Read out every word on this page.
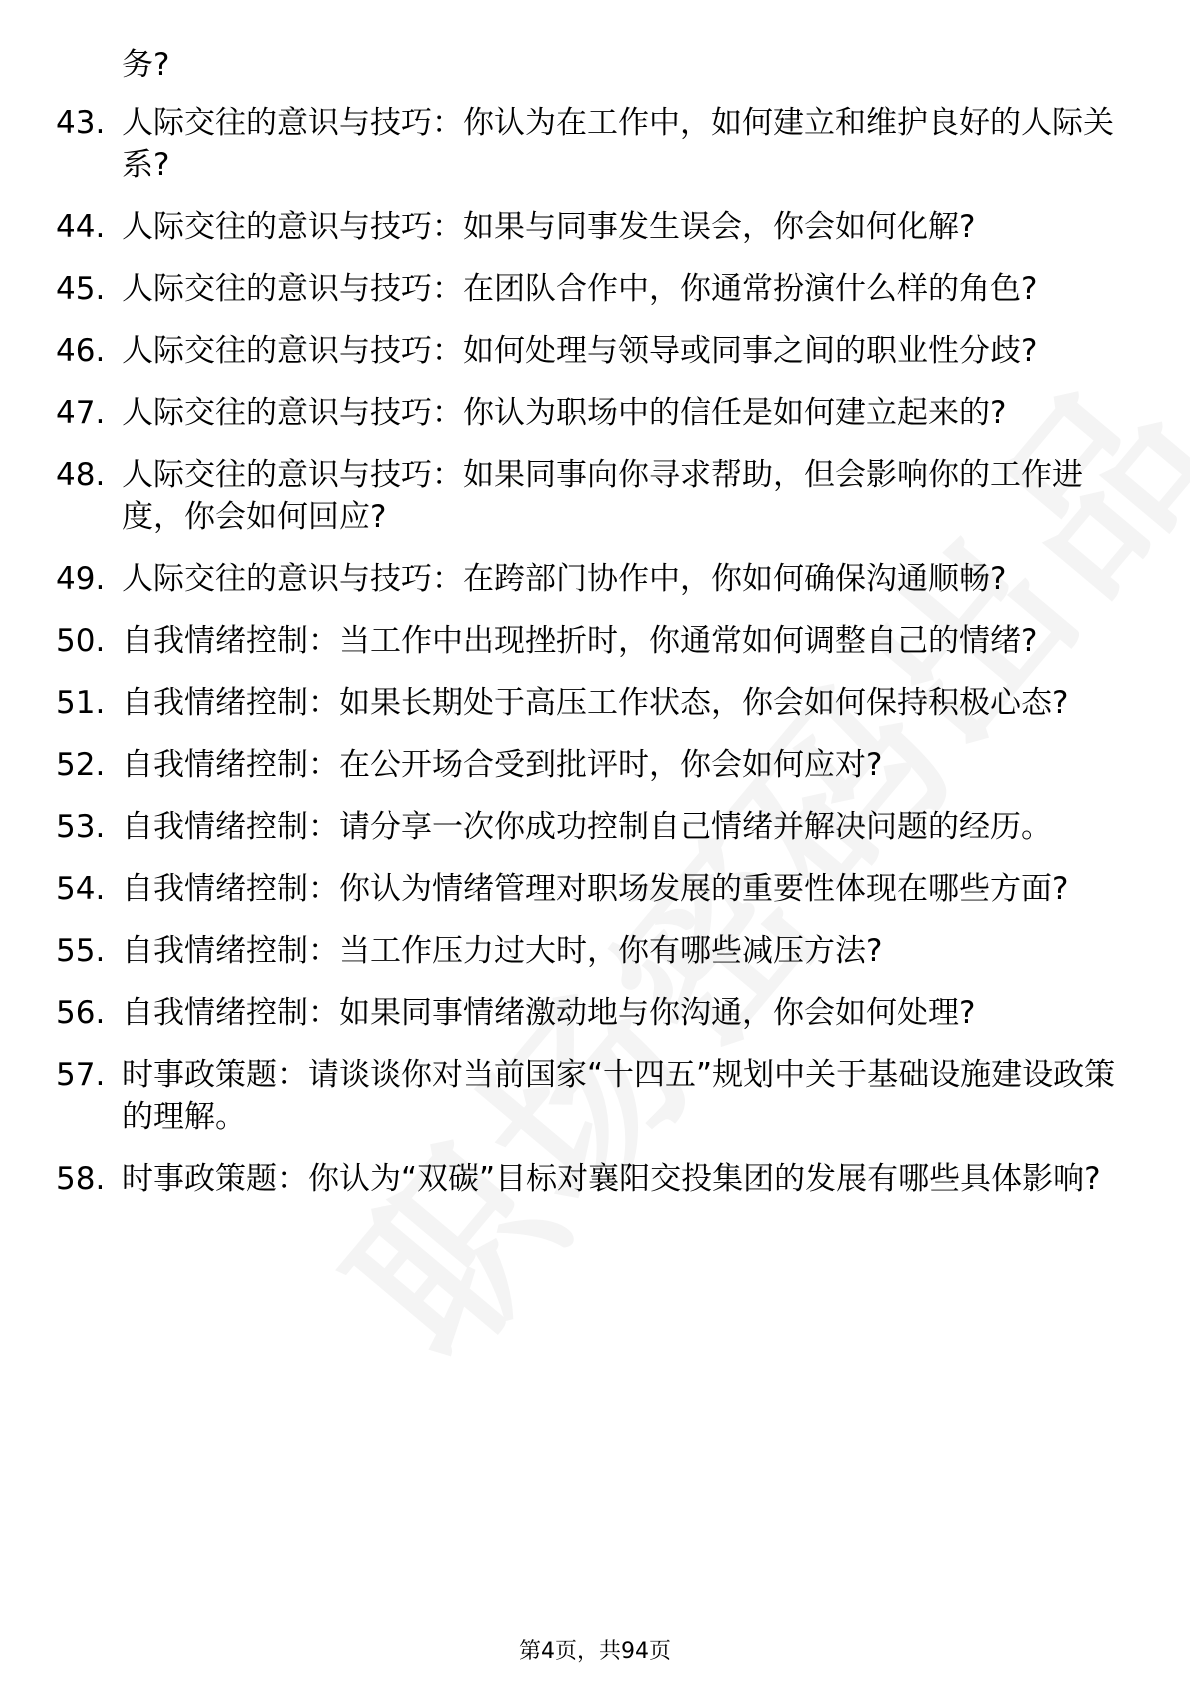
务?
43. 人际交往的意识与技巧：你认为在工作中，如何建立和维护良好的人际关系?
44. 人际交往的意识与技巧：如果与同事发生误会，你会如何化解?
45. 人际交往的意识与技巧：在团队合作中，你通常扮演什么样的角色?
46. 人际交往的意识与技巧：如何处理与领导或同事之间的职业性分歧?
47. 人际交往的意识与技巧：你认为职场中的信任是如何建立起来的?
48. 人际交往的意识与技巧：如果同事向你寻求帮助，但会影响你的工作进度，你会如何回应?
49. 人际交往的意识与技巧：在跨部门协作中，你如何确保沟通顺畅?
50. 自我情绪控制：当工作中出现挫折时，你通常如何调整自己的情绪?
51. 自我情绪控制：如果长期处于高压工作状态，你会如何保持积极心态?
52. 自我情绪控制：在公开场合受到批评时，你会如何应对?
53. 自我情绪控制：请分享一次你成功控制自己情绪并解决问题的经历。
54. 自我情绪控制：你认为情绪管理对职场发展的重要性体现在哪些方面?
55. 自我情绪控制：当工作压力过大时，你有哪些减压方法?
56. 自我情绪控制：如果同事情绪激动地与你沟通，你会如何处理?
57. 时事政策题：请谈谈你对当前国家“十四五”规划中关于基础设施建设政策的理解。
58. 时事政策题：你认为“双碳”目标对襄阳交投集团的发展有哪些具体影响?
第4页，共94页
